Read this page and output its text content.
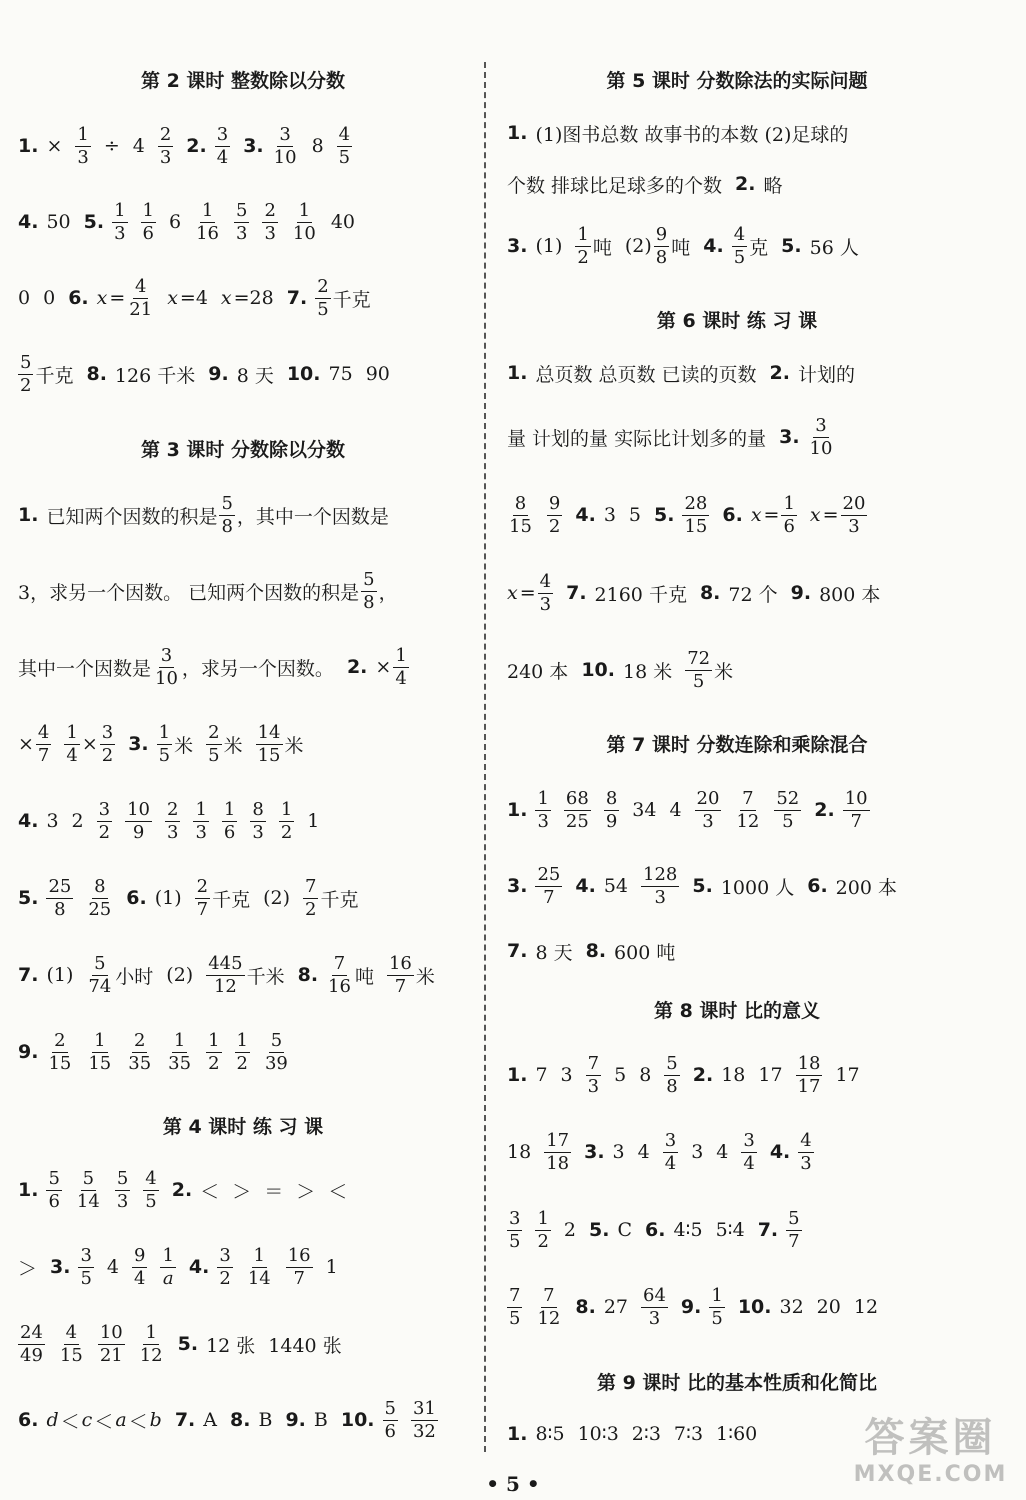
第 2 课时 整数除以分数
1. × $\frac{1}{3} \div 4 \frac{2}{3} 2$. $\frac{3}{4} 3$. $\frac{3}{10} 8 \frac{4}{5}$
4. 50 5. $\frac{1}{3} \frac{1}{6} 6 \frac{1}{16} \frac{5}{3} \frac{2}{3} \frac{1}{10} 40$
0 0 6. $x = \frac{4}{21}$ x =4 x =28 7. $\frac{2}{5}$ 千克
$\frac{5}{2}$ 千克 8. 126 千米 9. 8 天 10. 75 90
第 3 课时 分数除以分数
1. 已知两个因数的积是 $\frac{5}{8}$ ，其中一个因数是
3，求另一个因数。 已知两个因数的积是 $\frac{5}{8}$ ，
其中一个因数是 $\frac{3}{10}$ ，求另一个因数。 2. × $\frac{1}{4}$
× $\frac{4}{7} \frac{1}{4} \times \frac{3}{2} 3$. $\frac{1}{5}$ 米 $\frac{2}{5}$ 米 $\frac{14}{15}$ 米
4. 3 $2 \frac{3}{2} \frac{10}{9} \frac{2}{3} \frac{1}{3} \frac{1}{6} \frac{8}{3} \frac{1}{2} 1$
5. $\frac{25}{8} \frac{8}{25} 6$. $(1) \frac{2}{7}$ 千克 $(2) \frac{7}{2}$ 千克
7. $(1) \frac{5}{74}$ 小时 $(2) \frac{445}{12}$ 千米 8. $\frac{7}{16}$ 吨 $\frac{16}{7}$ 米
9. $\frac{2}{15} \frac{1}{15} \frac{2}{35} \frac{1}{35} \frac{1}{2} \frac{1}{2} \frac{5}{39}$
第 4 课时 练 习 课
1. $\frac{5}{6} \frac{5}{14} \frac{5}{3} \frac{4}{5} 2$. ＜ ＞ ＝ ＞ ＜
＞ 3. $\frac{3}{5} 4 \frac{9}{4} \frac{1}{a} 4$. $\frac{3}{2} \frac{1}{14} \frac{16}{7} 1$
$\frac{24}{49} \frac{4}{15} \frac{10}{21} \frac{1}{12} 5$. 12 张 1440 张
6. d ＜ c ＜ a ＜ b 7. A 8. B 9. B 10. $\frac{5}{6} \frac{31}{32}$
第 5 课时 分数除法的实际问题
1. (1)图书总数 故事书的本数 (2)足球的
个数 排球比足球多的个数 2. 略
3. $(1) \frac{1}{2}$ 吨 $(2) \frac{9}{8}$ 吨 4. $\frac{4}{5}$ 克 5. 56 人
第 6 课时 练 习 课
1. 总页数 总页数 已读的页数 2. 计划的
量 计划的量 实际比计划多的量 3. $\frac{3}{10}$
$\frac{8}{15} \frac{9}{2} 4$. 3 5 5. $\frac{28}{15} 6$. $x = \frac{1}{6}$ $x = \frac{20}{3}$
$x = \frac{4}{3} 7$. 2160 千克 8. 72 个 9. 800 本
240 本 10. 18 米 $\frac{72}{5}$ 米
第 7 课时 分数连除和乘除混合
1. $\frac{1}{3} \frac{68}{25} \frac{8}{9} 34$ $4 \frac{20}{3} \frac{7}{12} \frac{52}{5} 2$. $\frac{10}{7}$
3. $\frac{25}{7} 4$. $54 \frac{128}{3} 5$. 1000 人 6. 200 本
7. 8 天 8. 600 吨
第 8 课时 比的意义
1. 7 $3 \frac{7}{3} 5$ $8 \frac{5}{8} 2$. 18 $17 \frac{18}{17} 17$
$18 \frac{17}{18} 3$. 3 $4 \frac{3}{4} 3$ $4 \frac{3}{4} 4$. $\frac{4}{3}$
$\frac{3}{5} \frac{1}{2} 2$ 5. C 6. 4∶5 5∶4 7. $\frac{5}{7}$
$\frac{7}{5} \frac{7}{12} 8$. $27 \frac{64}{3} 9$. $\frac{1}{5} 10$. 32 20 12
第 9 课时 比的基本性质和化简比
1. 8∶5 10∶3 2∶3 7∶3 1∶60
• 5 •
答案圈
MXQE.COM
